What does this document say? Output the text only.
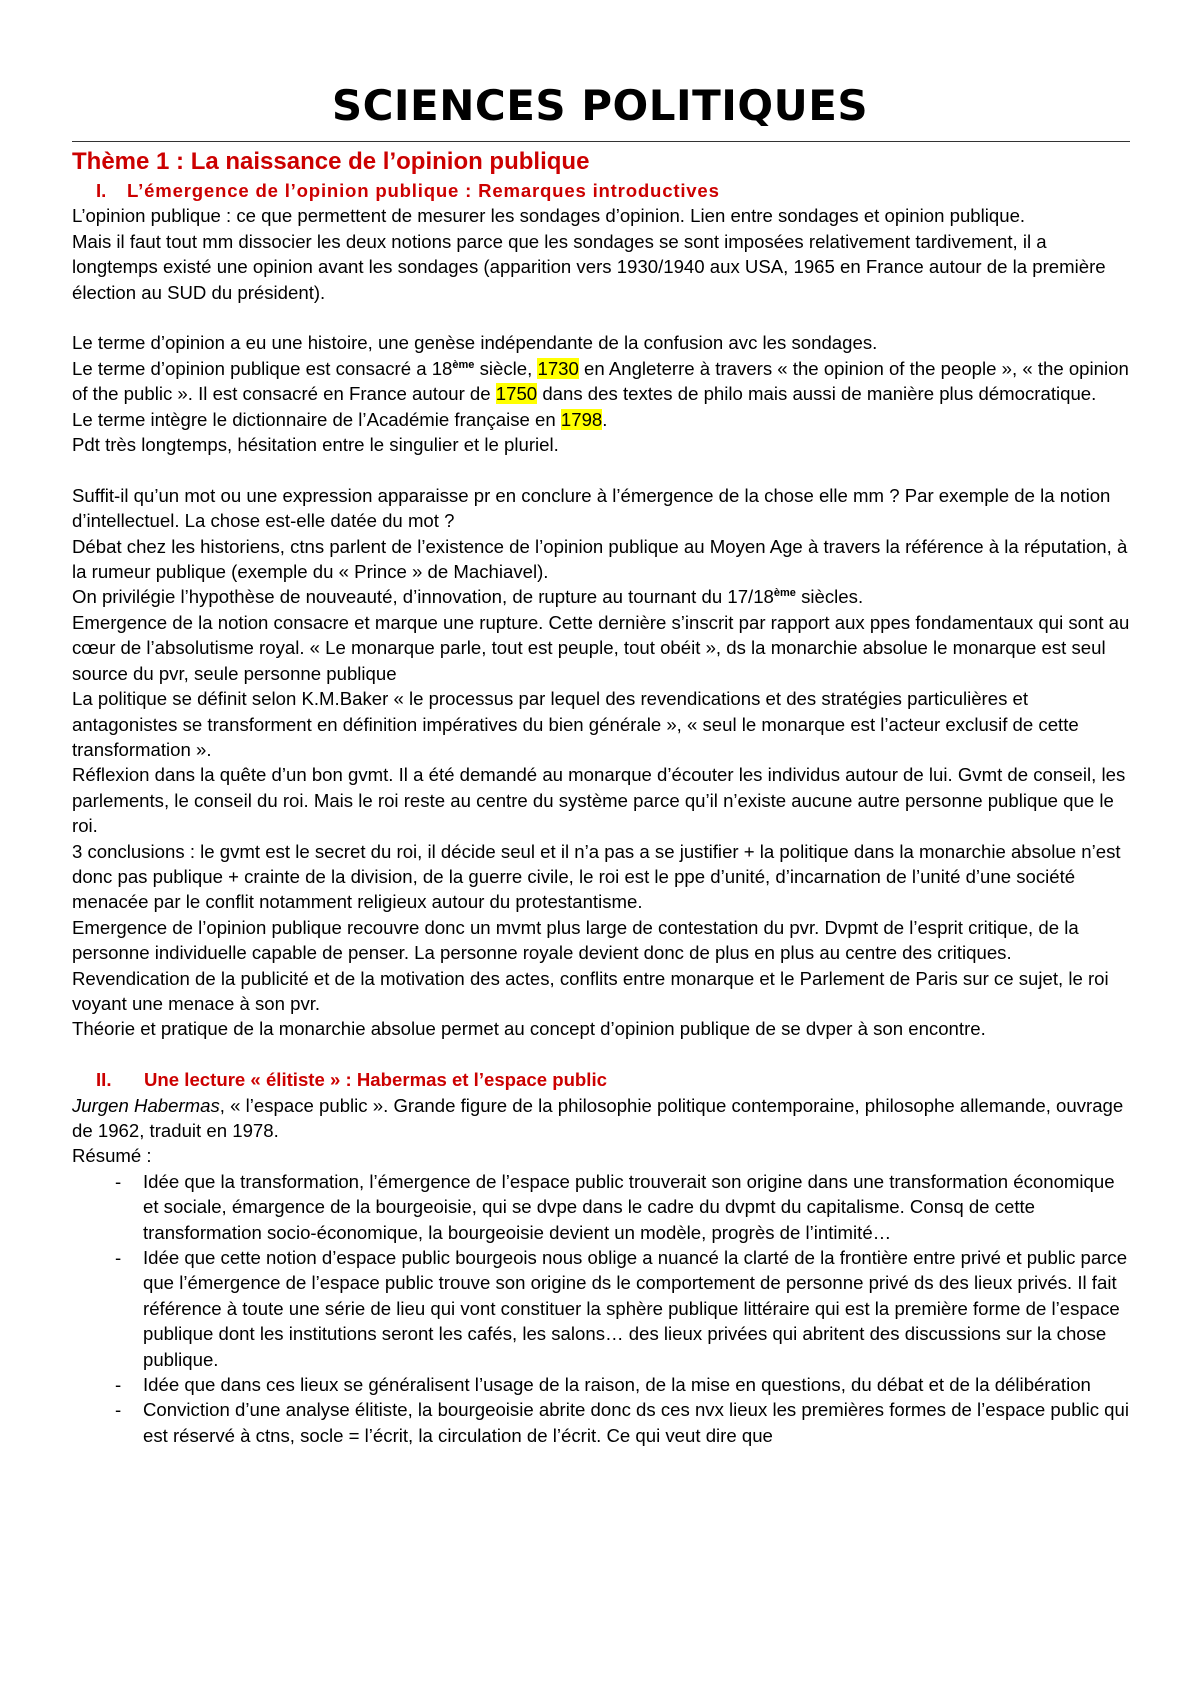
SCIENCES POLITIQUES

Thème 1 : La naissance de l’opinion publique

I. L’émergence de l’opinion publique : Remarques introductives

L’opinion publique : ce que permettent de mesurer les sondages d’opinion. Lien entre sondages et opinion publique.

Mais il faut tout mm dissocier les deux notions parce que les sondages se sont imposées relativement tardivement, il a longtemps existé une opinion avant les sondages (apparition vers 1930/1940 aux USA, 1965 en France autour de la première élection au SUD du président).

Le terme d’opinion a eu une histoire, une genèse indépendante de la confusion avc les sondages.

Le terme d’opinion publique est consacré a 18ème siècle, 1730 en Angleterre à travers « the opinion of the people », « the opinion of the public ». Il est consacré en France autour de 1750 dans des textes de philo mais aussi de manière plus démocratique.

Le terme intègre le dictionnaire de l’Académie française en 1798.

Pdt très longtemps, hésitation entre le singulier et le pluriel.

Suffit-il qu’un mot ou une expression apparaisse pr en conclure à l’émergence de la chose elle mm ? Par exemple de la notion d’intellectuel. La chose est-elle datée du mot ?

Débat chez les historiens, ctns parlent de l’existence de l’opinion publique au Moyen Age à travers la référence à la réputation, à la rumeur publique (exemple du « Prince » de Machiavel).

On privilégie l’hypothèse de nouveauté, d’innovation, de rupture au tournant du 17/18ème siècles.

Emergence de la notion consacre et marque une rupture. Cette dernière s’inscrit par rapport aux ppes fondamentaux qui sont au cœur de l’absolutisme royal. « Le monarque parle, tout est peuple, tout obéit », ds la monarchie absolue le monarque est seul source du pvr, seule personne publique

La politique se définit selon K.M.Baker « le processus par lequel des revendications et des stratégies particulières et antagonistes se transforment en définition impératives du bien générale », « seul le monarque est l’acteur exclusif de cette transformation ».

Réflexion dans la quête d’un bon gvmt. Il a été demandé au monarque d’écouter les individus autour de lui. Gvmt de conseil, les parlements, le conseil du roi. Mais le roi reste au centre du système parce qu’il n’existe aucune autre personne publique que le roi.

3 conclusions : le gvmt est le secret du roi, il décide seul et il n’a pas a se justifier + la politique dans la monarchie absolue n’est donc pas publique + crainte de la division, de la guerre civile, le roi est le ppe d’unité, d’incarnation de l’unité d’une société menacée par le conflit notamment religieux autour du protestantisme.

Emergence de l’opinion publique recouvre donc un mvmt plus large de contestation du pvr. Dvpmt de l’esprit critique, de la personne individuelle capable de penser. La personne royale devient donc de plus en plus au centre des critiques. Revendication de la publicité et de la motivation des actes, conflits entre monarque et le Parlement de Paris sur ce sujet, le roi voyant une menace à son pvr.

Théorie et pratique de la monarchie absolue permet au concept d’opinion publique de se dvper à son encontre.

II. Une lecture « élitiste » : Habermas et l’espace public

Jurgen Habermas, « l’espace public ». Grande figure de la philosophie politique contemporaine, philosophe allemande, ouvrage de 1962, traduit en 1978.

Résumé :

- Idée que la transformation, l’émergence de l’espace public trouverait son origine dans une transformation économique et sociale, émargence de la bourgeoisie, qui se dvpe dans le cadre du dvpmt du capitalisme. Consq de cette transformation socio-économique, la bourgeoisie devient un modèle, progrès de l’intimité…
- Idée que cette notion d’espace public bourgeois nous oblige a nuancé la clarté de la frontière entre privé et public parce que l’émergence de l’espace public trouve son origine ds le comportement de personne privé ds des lieux privés. Il fait référence à toute une série de lieu qui vont constituer la sphère publique littéraire qui est la première forme de l’espace publique dont les institutions seront les cafés, les salons… des lieux privées qui abritent des discussions sur la chose publique.
- Idée que dans ces lieux se généralisent l’usage de la raison, de la mise en questions, du débat et de la délibération
- Conviction d’une analyse élitiste, la bourgeoisie abrite donc ds ces nvx lieux les premières formes de l’espace public qui est réservé à ctns, socle = l’écrit, la circulation de l’écrit. Ce qui veut dire que
